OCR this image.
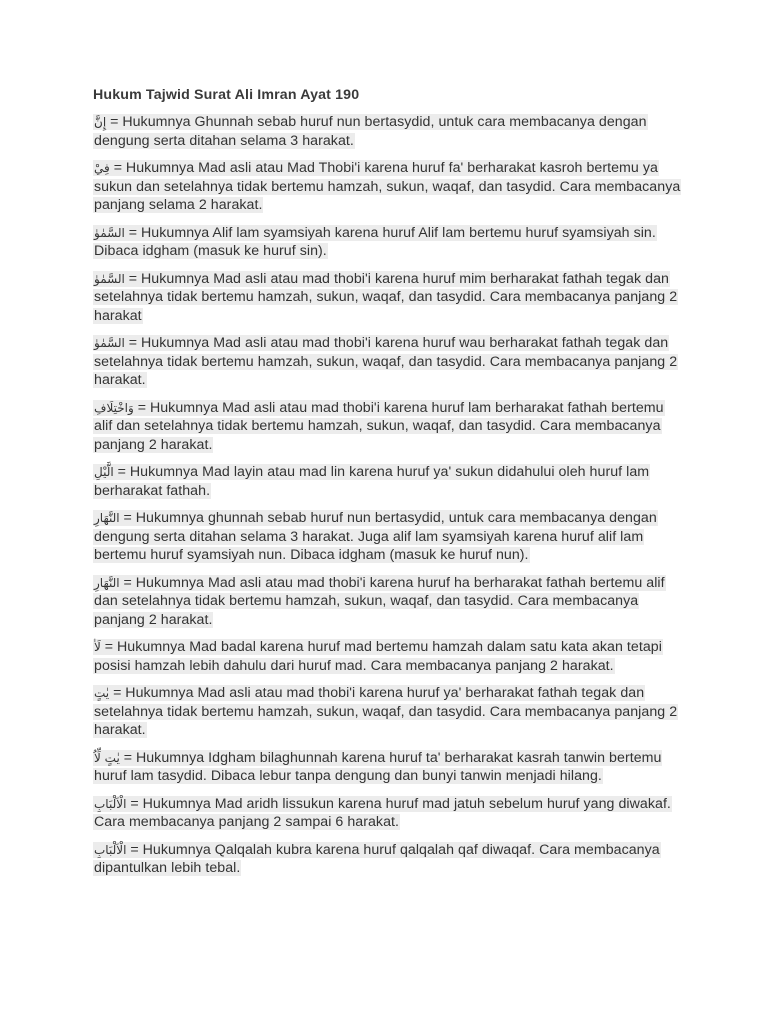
Hukum Tajwid Surat Ali Imran Ayat 190

إِنَّ = Hukumnya Ghunnah sebab huruf nun bertasydid, untuk cara membacanya dengan dengung serta ditahan selama 3 harakat.

فِيْ = Hukumnya Mad asli atau Mad Thobi'i karena huruf fa' berharakat kasroh bertemu ya sukun dan setelahnya tidak bertemu hamzah, sukun, waqaf, dan tasydid. Cara membacanya panjang selama 2 harakat.

السَّمٰوٰ = Hukumnya Alif lam syamsiyah karena huruf Alif lam bertemu huruf syamsiyah sin. Dibaca idgham (masuk ke huruf sin).

السَّمٰوٰ = Hukumnya Mad asli atau mad thobi'i karena huruf mim berharakat fathah tegak dan setelahnya tidak bertemu hamzah, sukun, waqaf, dan tasydid. Cara membacanya panjang 2 harakat

السَّمٰوٰ = Hukumnya Mad asli atau mad thobi'i karena huruf wau berharakat fathah tegak dan setelahnya tidak bertemu hamzah, sukun, waqaf, dan tasydid. Cara membacanya panjang 2 harakat.

وَاخْتِلَافِ = Hukumnya Mad asli atau mad thobi'i karena huruf lam berharakat fathah bertemu alif dan setelahnya tidak bertemu hamzah, sukun, waqaf, dan tasydid. Cara membacanya panjang 2 harakat.

الَّيْلِ = Hukumnya Mad layin atau mad lin karena huruf ya' sukun didahului oleh huruf lam berharakat fathah.

النَّهَارِ = Hukumnya ghunnah sebab huruf nun bertasydid, untuk cara membacanya dengan dengung serta ditahan selama 3 harakat. Juga alif lam syamsiyah karena huruf alif lam bertemu huruf syamsiyah nun. Dibaca idgham (masuk ke huruf nun).

النَّهَارِ = Hukumnya Mad asli atau mad thobi'i karena huruf ha berharakat fathah bertemu alif dan setelahnya tidak bertemu hamzah, sukun, waqaf, dan tasydid. Cara membacanya panjang 2 harakat.

لَاٰ = Hukumnya Mad badal karena huruf mad bertemu hamzah dalam satu kata akan tetapi posisi hamzah lebih dahulu dari huruf mad. Cara membacanya panjang 2 harakat.

يٰتٍ = Hukumnya Mad asli atau mad thobi'i karena huruf ya' berharakat fathah tegak dan setelahnya tidak bertemu hamzah, sukun, waqaf, dan tasydid. Cara membacanya panjang 2 harakat.

يٰتٍ لِّاُ = Hukumnya Idgham bilaghunnah karena huruf ta' berharakat kasrah tanwin bertemu huruf lam tasydid. Dibaca lebur tanpa dengung dan bunyi tanwin menjadi hilang.

الْاَلْبَابِ = Hukumnya Mad aridh lissukun karena huruf mad jatuh sebelum huruf yang diwakaf. Cara membacanya panjang 2 sampai 6 harakat.

الْاَلْبَابِ = Hukumnya Qalqalah kubra karena huruf qalqalah qaf diwaqaf. Cara membacanya dipantulkan lebih tebal.
